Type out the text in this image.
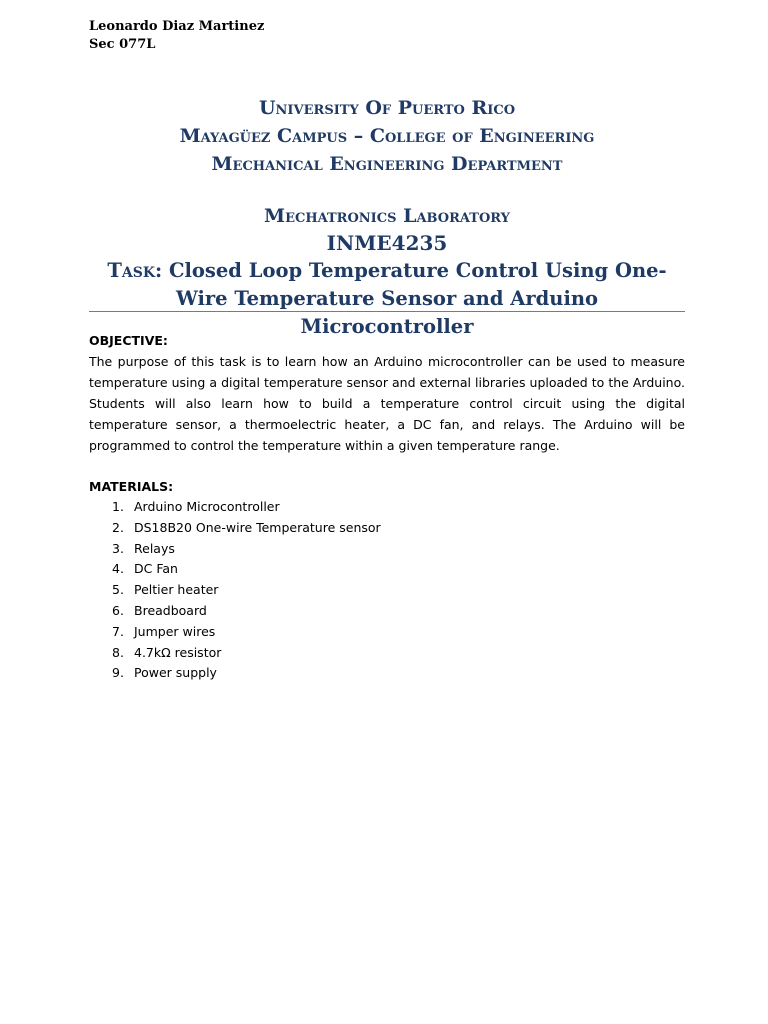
Leonardo Diaz Martinez
Sec 077L
University Of Puerto Rico
Mayagüez Campus – College of Engineering
Mechanical Engineering Department
Mechatronics Laboratory
INME4235
Task: Closed Loop Temperature Control Using One-Wire Temperature Sensor and Arduino Microcontroller
OBJECTIVE:
The purpose of this task is to learn how an Arduino microcontroller can be used to measure temperature using a digital temperature sensor and external libraries uploaded to the Arduino. Students will also learn how to build a temperature control circuit using the digital temperature sensor, a thermoelectric heater, a DC fan, and relays. The Arduino will be programmed to control the temperature within a given temperature range.
MATERIALS:
1. Arduino Microcontroller
2. DS18B20 One-wire Temperature sensor
3. Relays
4. DC Fan
5. Peltier heater
6. Breadboard
7. Jumper wires
8. 4.7kΩ resistor
9. Power supply
